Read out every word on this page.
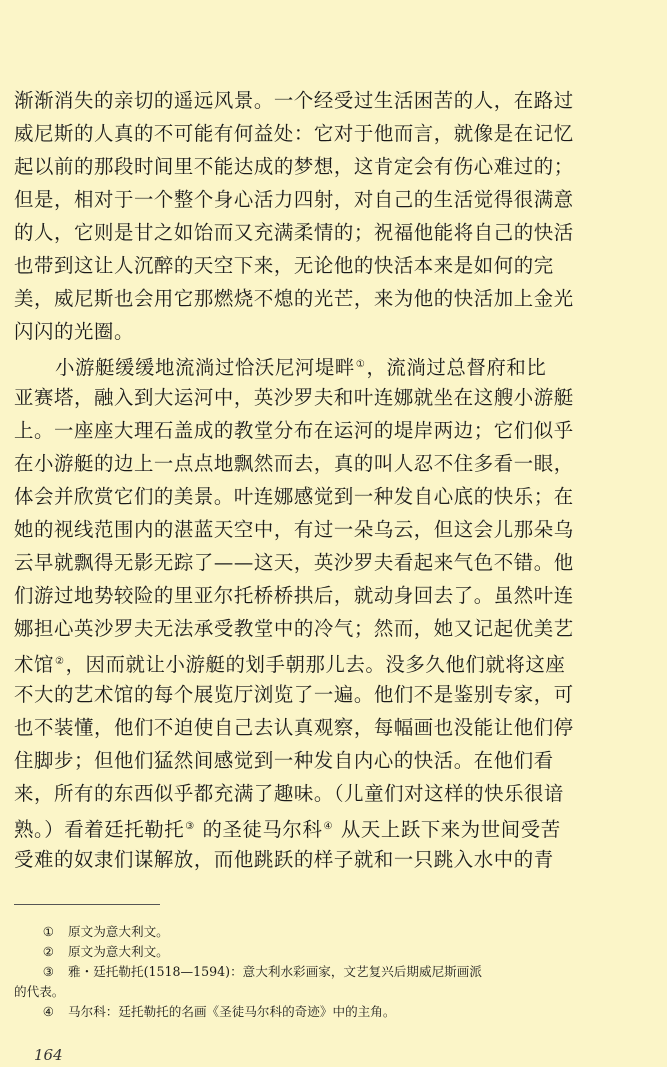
渐渐消失的亲切的遥远风景。一个经受过生活困苦的人，在路过
威尼斯的人真的不可能有何益处：它对于他而言，就像是在记忆
起以前的那段时间里不能达成的梦想，这肯定会有伤心难过的；
但是，相对于一个整个身心活力四射，对自己的生活觉得很满意
的人，它则是甘之如饴而又充满柔情的；祝福他能将自己的快活
也带到这让人沉醉的天空下来，无论他的快活本来是如何的完
美，威尼斯也会用它那燃烧不熄的光芒，来为他的快活加上金光
闪闪的光圈。
小游艇缓缓地流淌过恰沃尼河堤畔①，流淌过总督府和比
亚赛塔，融入到大运河中，英沙罗夫和叶连娜就坐在这艘小游艇
上。一座座大理石盖成的教堂分布在运河的堤岸两边；它们似乎
在小游艇的边上一点点地飘然而去，真的叫人忍不住多看一眼，
体会并欣赏它们的美景。叶连娜感觉到一种发自心底的快乐；在
她的视线范围内的湛蓝天空中，有过一朵乌云，但这会儿那朵乌
云早就飘得无影无踪了——这天，英沙罗夫看起来气色不错。他
们游过地势较险的里亚尔托桥桥拱后，就动身回去了。虽然叶连
娜担心英沙罗夫无法承受教堂中的冷气；然而，她又记起优美艺
术馆②，因而就让小游艇的划手朝那儿去。没多久他们就将这座
不大的艺术馆的每个展览厅浏览了一遍。他们不是鉴别专家，可
也不装懂，他们不迫使自己去认真观察，每幅画也没能让他们停
住脚步；但他们猛然间感觉到一种发自内心的快活。在他们看
来，所有的东西似乎都充满了趣味。（儿童们对这样的快乐很谙
熟。）看着廷托勒托③ 的圣徒马尔科④ 从天上跃下来为世间受苦
受难的奴隶们谋解放，而他跳跃的样子就和一只跳入水中的青
① 原文为意大利文。
② 原文为意大利文。
③ 雅・廷托勒托(1518—1594)：意大利水彩画家，文艺复兴后期威尼斯画派
的代表。
④ 马尔科：廷托勒托的名画《圣徒马尔科的奇迹》中的主角。
164
